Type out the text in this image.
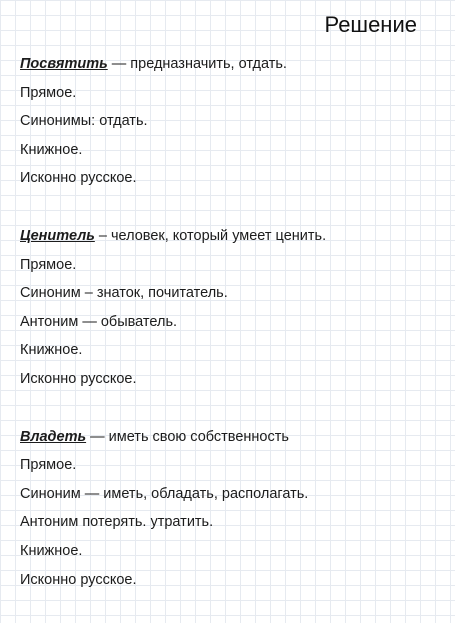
Решение
Посвятить — предназначить, отдать.
Прямое.
Синонимы: отдать.
Книжное.
Исконно русское.
Ценитель – человек, который умеет ценить.
Прямое.
Синоним – знаток, почитатель.
Антоним — обыватель.
Книжное.
Исконно русское.
Владеть — иметь свою собственность
Прямое.
Синоним — иметь, обладать, располагать.
Антоним потерять. утратить.
Книжное.
Исконно русское.
